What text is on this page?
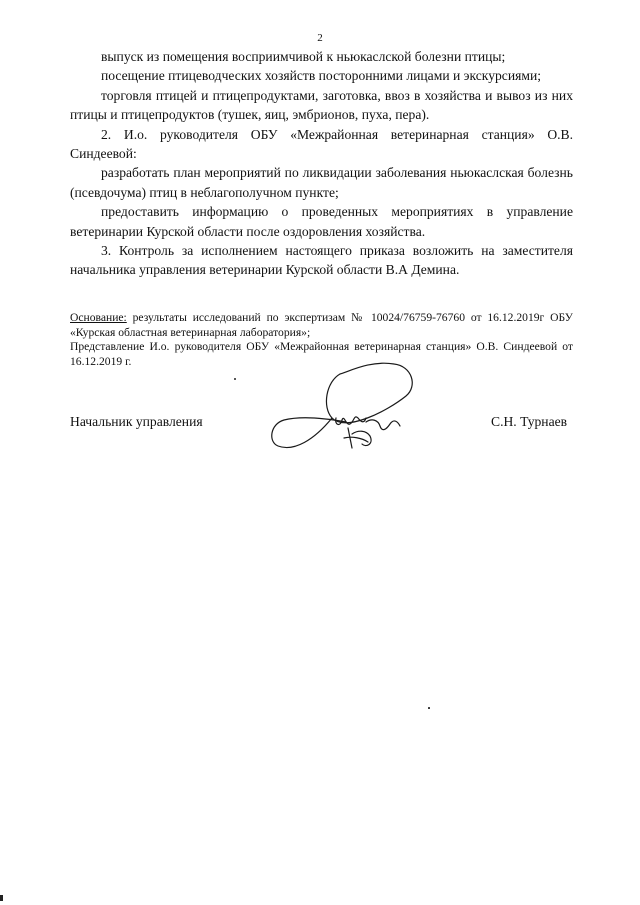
2

выпуск из помещения восприимчивой к ньюкаслской болезни птицы;

посещение птицеводческих хозяйств посторонними лицами и экскурсиями;

торговля птицей и птицепродуктами, заготовка, ввоз в хозяйства и вывоз из них птицы и птицепродуктов (тушек, яиц, эмбрионов, пуха, пера).

2. И.о. руководителя ОБУ «Межрайонная ветеринарная станция» О.В. Синдеевой:

разработать план мероприятий по ликвидации заболевания ньюкаслская болезнь (псевдочума) птиц в неблагополучном пункте;

предоставить информацию о проведенных мероприятиях в управление ветеринарии Курской области после оздоровления хозяйства.

3. Контроль за исполнением настоящего приказа возложить на заместителя начальника управления ветеринарии Курской области В.А Демина.

Основание: результаты исследований по экспертизам № 10024/76759-76760 от 16.12.2019г ОБУ «Курская областная ветеринарная лаборатория»;

Представление И.о. руководителя ОБУ «Межрайонная ветеринарная станция» О.В. Синдеевой от 16.12.2019 г.

Начальник управления	С.Н. Турнаев
